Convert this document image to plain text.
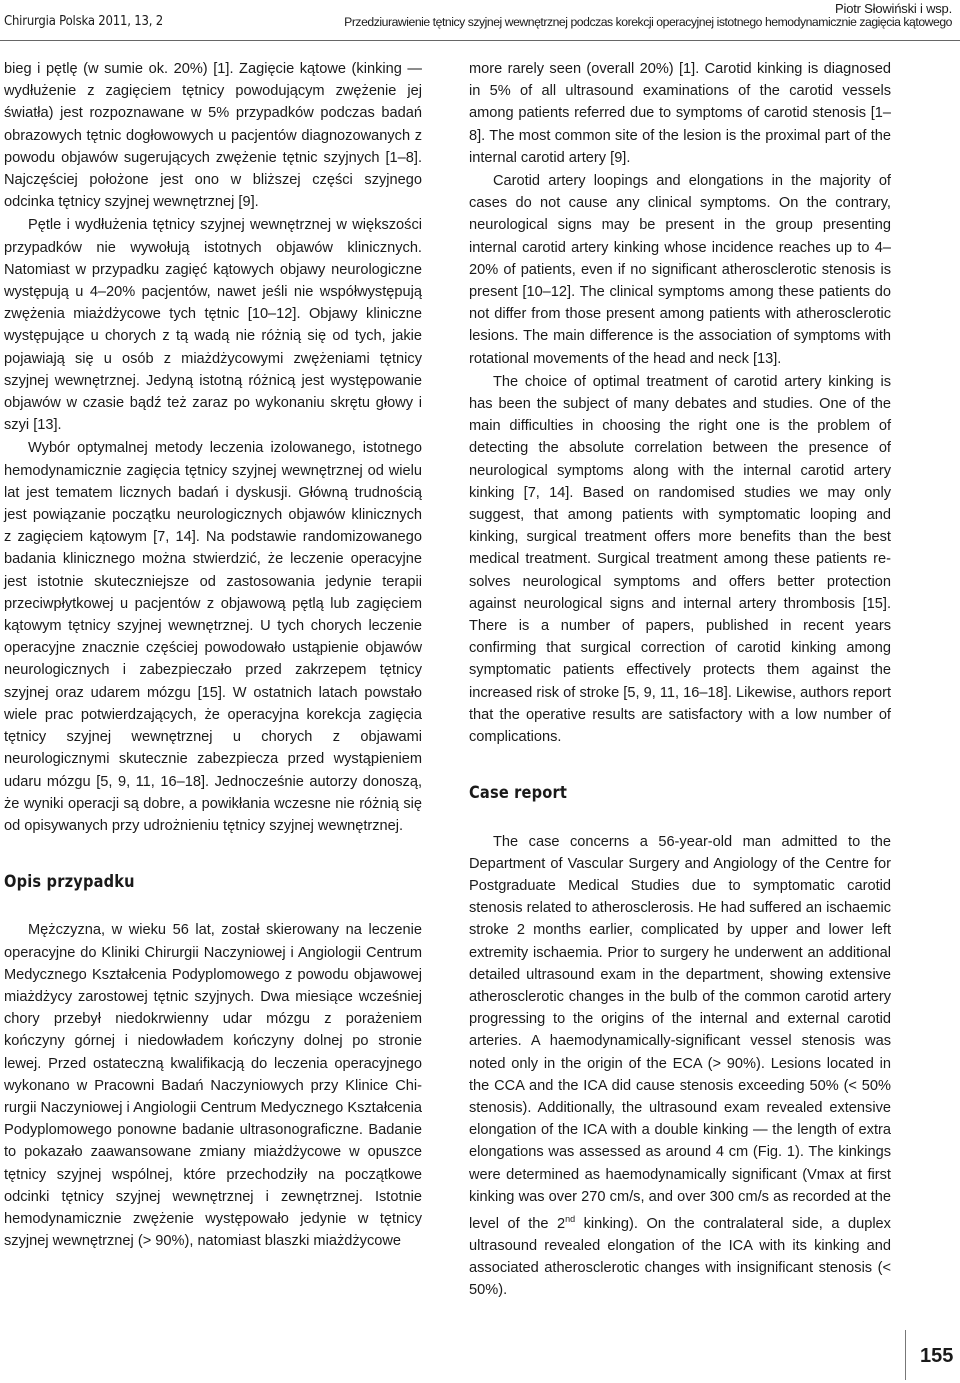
Chirurgia Polska 2011, 13, 2
Piotr Słowiński i wsp.
Przedziurawienie tętnicy szyjnej wewnętrznej podczas korekcji operacyjnej istotnego hemodynamicznie zagięcia kątowego

bieg i pętlę (w sumie ok. 20%) [1]. Zagięcie kątowe (kinking — wydłużenie z zagięciem tętnicy powodującym zwężenie jej światła) jest rozpoznawane w 5% przypadków podczas badań obrazowych tętnic dogłowowych u pacjentów diagnozowanych z powodu objawów sugerujących zwężenie tętnic szyjnych [1–8]. Najczęściej położone jest ono w bliższej części szyjnego odcinka tętnicy szyjnej wewnętrznej [9].

Pętle i wydłużenia tętnicy szyjnej wewnętrznej w większości przypadków nie wywołują istotnych objawów klinicznych. Natomiast w przypadku zagięć kątowych objawy neurologiczne występują u 4–20% pacjentów, nawet jeśli nie współwystępują zwężenia miażdżycowe tych tętnic [10–12]. Objawy kliniczne występujące u chorych z tą wadą nie różnią się od tych, jakie pojawiają się u osób z miażdżycowymi zwężeniami tętnicy szyjnej wewnętrznej. Jedyną istotną różnicą jest występowanie objawów w czasie bądź też zaraz po wykonaniu skrętu głowy i szyi [13].

Wybór optymalnej metody leczenia izolowanego, istotnego hemodynamicznie zagięcia tętnicy szyjnej wewnętrznej od wielu lat jest tematem licznych badań i dyskusji. Główną trudnością jest powiązanie początku neurologicznych objawów klinicznych z zagięciem kątowym [7, 14]. Na podstawie randomizowanego badania klinicznego można stwierdzić, że leczenie operacyjne jest istotnie skuteczniejsze od zastosowania jedynie terapii przeciwpłytkowej u pacjentów z objawową pętlą lub zagięciem kątowym tętnicy szyjnej wewnętrznej. U tych chorych leczenie operacyjne znacznie częściej powodowało ustąpienie objawów neurologicznych i zabezpieczało przed zakrzepem tętnicy szyjnej oraz udarem mózgu [15]. W ostatnich latach powstało wiele prac potwierdzających, że operacyjna korekcja zagięcia tętnicy szyjnej wewnętrznej u chorych z objawami neurologicznymi skutecznie zabezpiecza przed wystąpieniem udaru mózgu [5, 9, 11, 16–18]. Jednocześnie autorzy donoszą, że wyniki operacji są dobre, a powikłania wczesne nie różnią się od opisywanych przy udrożnieniu tętnicy szyjnej wewnętrznej.

Opis przypadku

Mężczyzna, w wieku 56 lat, został skierowany na leczenie operacyjne do Kliniki Chirurgii Naczyniowej i Angiologii Centrum Medycznego Kształcenia Podyplomowego z powodu objawowej miażdżycy zarostowej tętnic szyjnych. Dwa miesiące wcześniej chory przebył niedokrwienny udar mózgu z porażeniem kończyny górnej i niedowładem kończyny dolnej po stronie lewej. Przed ostateczną kwalifikacją do leczenia operacyjnego wykonano w Pracowni Badań Naczyniowych przy Klinice Chirurgii Naczyniowej i Angiologii Centrum Medycznego Kształcenia Podyplomowego ponowne badanie ultrasonograficzne. Badanie to pokazało zaawansowane zmiany miażdżycowe w opuszce tętnicy szyjnej wspólnej, które przechodziły na początkowe odcinki tętnicy szyjnej wewnętrznej i zewnętrznej. Istotnie hemodynamicznie zwężenie występowało jedynie w tętnicy szyjnej wewnętrznej (> 90%), natomiast blaszki miażdżycowe

more rarely seen (overall 20%) [1]. Carotid kinking is diagnosed in 5% of all ultrasound examinations of the carotid vessels among patients referred due to symptoms of carotid stenosis [1–8]. The most common site of the lesion is the proximal part of the internal carotid artery [9].

Carotid artery loopings and elongations in the majority of cases do not cause any clinical symptoms. On the contrary, neurological signs may be present in the group presenting internal carotid artery kinking whose incidence reaches up to 4–20% of patients, even if no significant atherosclerotic stenosis is present [10–12]. The clinical symptoms among these patients do not differ from those present among patients with atherosclerotic lesions. The main difference is the association of symptoms with rotational movements of the head and neck [13].

The choice of optimal treatment of carotid artery kinking is has been the subject of many debates and studies. One of the main difficulties in choosing the right one is the problem of detecting the absolute correlation between the presence of neurological symptoms along with the internal carotid artery kinking [7, 14]. Based on randomised studies we may only suggest, that among patients with symptomatic looping and kinking, surgical treatment offers more benefits than the best medical treatment. Surgical treatment among these patients resolves neurological symptoms and offers better protection against neurological signs and internal artery thrombosis [15]. There is a number of papers, published in recent years confirming that surgical correction of carotid kinking among symptomatic patients effectively protects them against the increased risk of stroke [5, 9, 11, 16–18]. Likewise, authors report that the operative results are satisfactory with a low number of complications.

Case report

The case concerns a 56-year-old man admitted to the Department of Vascular Surgery and Angiology of the Centre for Postgraduate Medical Studies due to symptomatic carotid stenosis related to atherosclerosis. He had suffered an ischaemic stroke 2 months earlier, complicated by upper and lower left extremity ischaemia. Prior to surgery he underwent an additional detailed ultrasound exam in the department, showing extensive atherosclerotic changes in the bulb of the common carotid artery progressing to the origins of the internal and external carotid arteries. A haemodynamically-significant vessel stenosis was noted only in the origin of the ECA (> 90%). Lesions located in the CCA and the ICA did cause stenosis exceeding 50% (< 50% stenosis). Additionally, the ultrasound exam revealed extensive elongation of the ICA with a double kinking — the length of extra elongations was assessed as around 4 cm (Fig. 1). The kinkings were determined as haemodynamically significant (Vmax at first kinking was over 270 cm/s, and over 300 cm/s as recorded at the level of the 2nd kinking). On the contralateral side, a duplex ultrasound revealed elongation of the ICA with its kinking and associated atherosclerotic changes with insignificant stenosis (< 50%).

155
